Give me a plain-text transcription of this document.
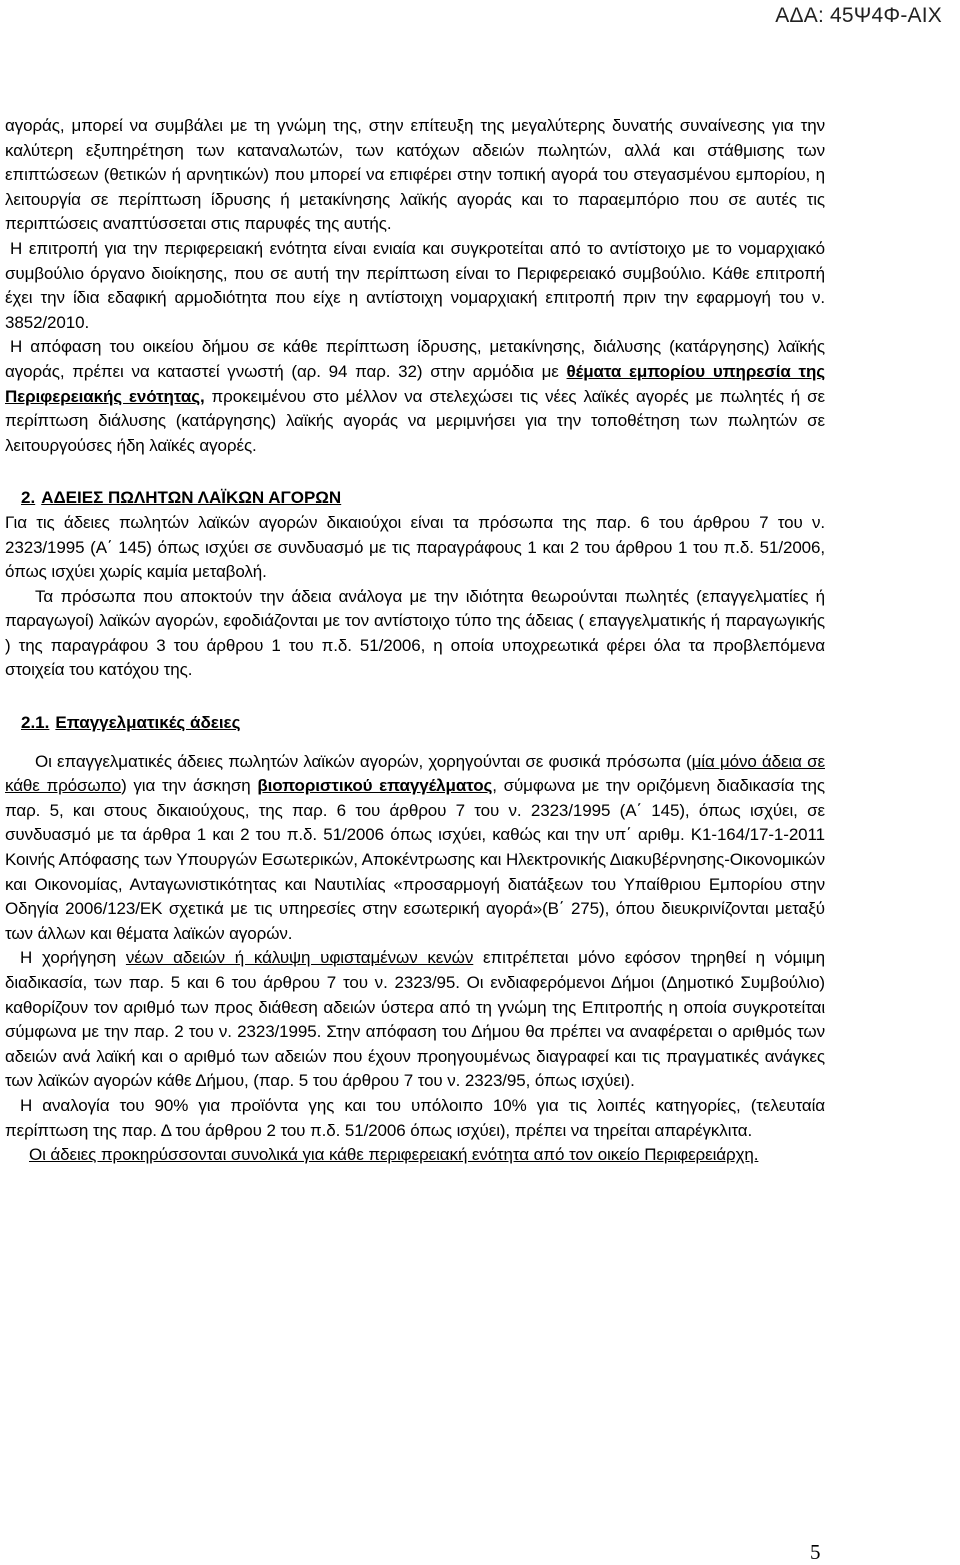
ΑΔΑ: 45Ψ4Φ-ΑΙΧ

αγοράς, μπορεί να συμβάλει με τη γνώμη της, στην επίτευξη της μεγαλύτερης δυνατής συναίνεσης για την καλύτερη εξυπηρέτηση των καταναλωτών, των κατόχων αδειών πωλητών, αλλά και στάθμισης των επιπτώσεων (θετικών ή αρνητικών) που μπορεί να επιφέρει στην τοπική αγορά του στεγασμένου εμπορίου, η λειτουργία σε περίπτωση ίδρυσης ή μετακίνησης λαϊκής αγοράς και το παραεμπόριο που σε αυτές τις περιπτώσεις αναπτύσσεται στις παρυφές της αυτής.

Η επιτροπή για την περιφερειακή ενότητα είναι ενιαία και συγκροτείται από το αντίστοιχο με το νομαρχιακό συμβούλιο όργανο διοίκησης, που σε αυτή την περίπτωση είναι το Περιφερειακό συμβούλιο. Κάθε επιτροπή έχει την ίδια εδαφική αρμοδιότητα που είχε η αντίστοιχη νομαρχιακή επιτροπή πριν την εφαρμογή του ν. 3852/2010.

Η απόφαση του οικείου δήμου σε κάθε περίπτωση ίδρυσης, μετακίνησης, διάλυσης (κατάργησης) λαϊκής αγοράς, πρέπει να καταστεί γνωστή (αρ. 94 παρ. 32) στην αρμόδια με θέματα εμπορίου υπηρεσία της Περιφερειακής ενότητας, προκειμένου στο μέλλον να στελεχώσει τις νέες λαϊκές αγορές με πωλητές ή σε περίπτωση διάλυσης (κατάργησης) λαϊκής αγοράς να μεριμνήσει για την τοποθέτηση των πωλητών σε λειτουργούσες ήδη λαϊκές αγορές.

2. ΑΔΕΙΕΣ ΠΩΛΗΤΩΝ ΛΑΪΚΩΝ ΑΓΟΡΩΝ

Για τις άδειες πωλητών λαϊκών αγορών δικαιούχοι είναι τα πρόσωπα της παρ. 6 του άρθρου 7 του ν. 2323/1995 (Α΄ 145) όπως ισχύει σε συνδυασμό με τις παραγράφους 1 και 2 του άρθρου 1 του π.δ. 51/2006, όπως ισχύει χωρίς καμία μεταβολή.

Τα πρόσωπα που αποκτούν την άδεια ανάλογα με την ιδιότητα θεωρούνται πωλητές (επαγγελματίες ή παραγωγοί) λαϊκών αγορών, εφοδιάζονται με τον αντίστοιχο τύπο της άδειας ( επαγγελματικής ή παραγωγικής ) της παραγράφου 3 του άρθρου 1 του π.δ. 51/2006, η οποία υποχρεωτικά φέρει όλα τα προβλεπόμενα στοιχεία του κατόχου της.

2.1. Επαγγελματικές άδειες

Οι επαγγελματικές άδειες πωλητών λαϊκών αγορών, χορηγούνται σε φυσικά πρόσωπα (μία μόνο άδεια σε κάθε πρόσωπο) για την άσκηση βιοποριστικού επαγγέλματος, σύμφωνα με την οριζόμενη διαδικασία της παρ. 5, και στους δικαιούχους, της παρ. 6 του άρθρου 7 του ν. 2323/1995 (Α΄ 145), όπως ισχύει, σε συνδυασμό με τα άρθρα 1 και 2 του π.δ. 51/2006 όπως ισχύει, καθώς και την υπ΄ αριθμ. Κ1-164/17-1-2011 Κοινής Απόφασης των Υπουργών Εσωτερικών, Αποκέντρωσης και Ηλεκτρονικής Διακυβέρνησης-Οικονομικών και Οικονομίας, Ανταγωνιστικότητας και Ναυτιλίας «προσαρμογή διατάξεων του Υπαίθριου Εμπορίου στην Οδηγία 2006/123/ΕΚ σχετικά με τις υπηρεσίες στην εσωτερική αγορά»(Β΄ 275), όπου διευκρινίζονται μεταξύ των άλλων και θέματα λαϊκών αγορών.

Η χορήγηση νέων αδειών ή κάλυψη υφισταμένων κενών επιτρέπεται μόνο εφόσον τηρηθεί η νόμιμη διαδικασία, των παρ. 5 και 6 του άρθρου 7 του ν. 2323/95. Οι ενδιαφερόμενοι Δήμοι (Δημοτικό Συμβούλιο) καθορίζουν τον αριθμό των προς διάθεση αδειών ύστερα από τη γνώμη της Επιτροπής η οποία συγκροτείται σύμφωνα με την παρ. 2 του ν. 2323/1995. Στην απόφαση του Δήμου θα πρέπει να αναφέρεται ο αριθμός των αδειών ανά λαϊκή και ο αριθμό των αδειών που έχουν προηγουμένως διαγραφεί και τις πραγματικές ανάγκες των λαϊκών αγορών κάθε Δήμου, (παρ. 5 του άρθρου 7 του ν. 2323/95, όπως ισχύει).

Η αναλογία του 90% για προϊόντα γης και του υπόλοιπο 10% για τις λοιπές κατηγορίες, (τελευταία περίπτωση της παρ. Δ του άρθρου 2 του π.δ. 51/2006 όπως ισχύει), πρέπει να τηρείται απαρέγκλιτα.

Οι άδειες προκηρύσσονται συνολικά για κάθε περιφερειακή ενότητα από τον οικείο Περιφερειάρχη.

5
